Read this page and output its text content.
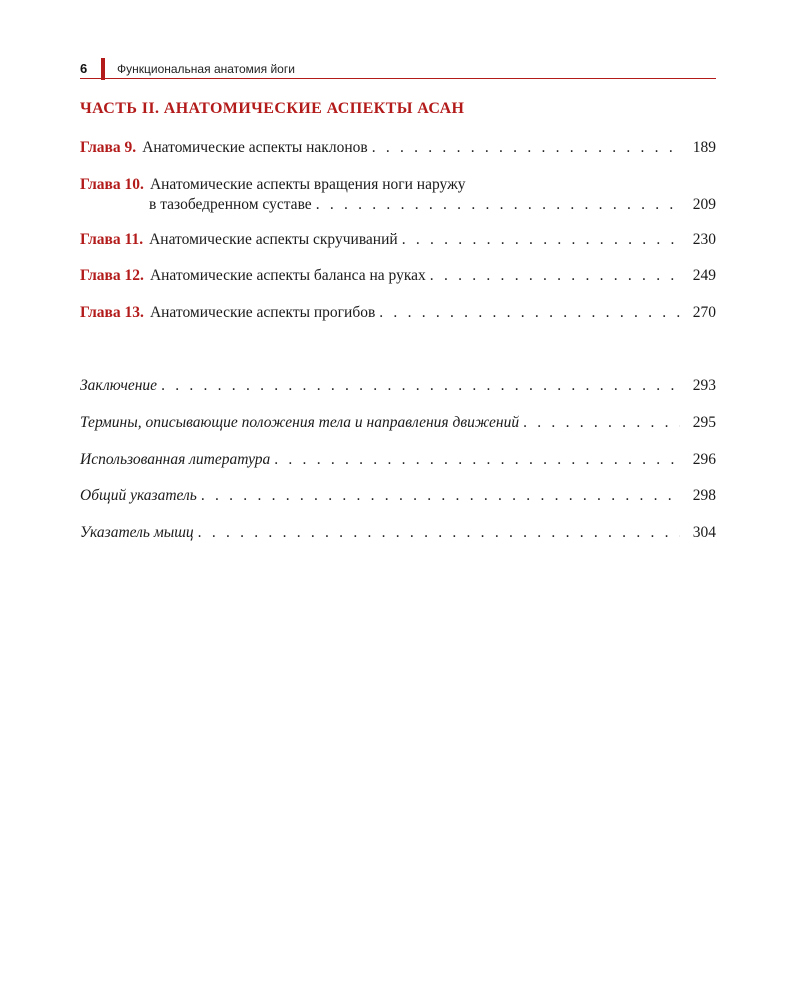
6 Функциональная анатомия йоги
ЧАСТЬ II. АНАТОМИЧЕСКИЕ АСПЕКТЫ АСАН
Глава 9. Анатомические аспекты наклонов . . .	189
Глава 10. Анатомические аспекты вращения ноги наружу
в тазобедренном суставе . . .	209
Глава 11. Анатомические аспекты скручиваний . . .	230
Глава 12. Анатомические аспекты баланса на руках . . .	249
Глава 13. Анатомические аспекты прогибов . . .	270
Заключение . . .	293
Термины, описывающие положения тела и направления движений . . .	295
Использованная литература . . .	296
Общий указатель . . .	298
Указатель мышц . . .	304
